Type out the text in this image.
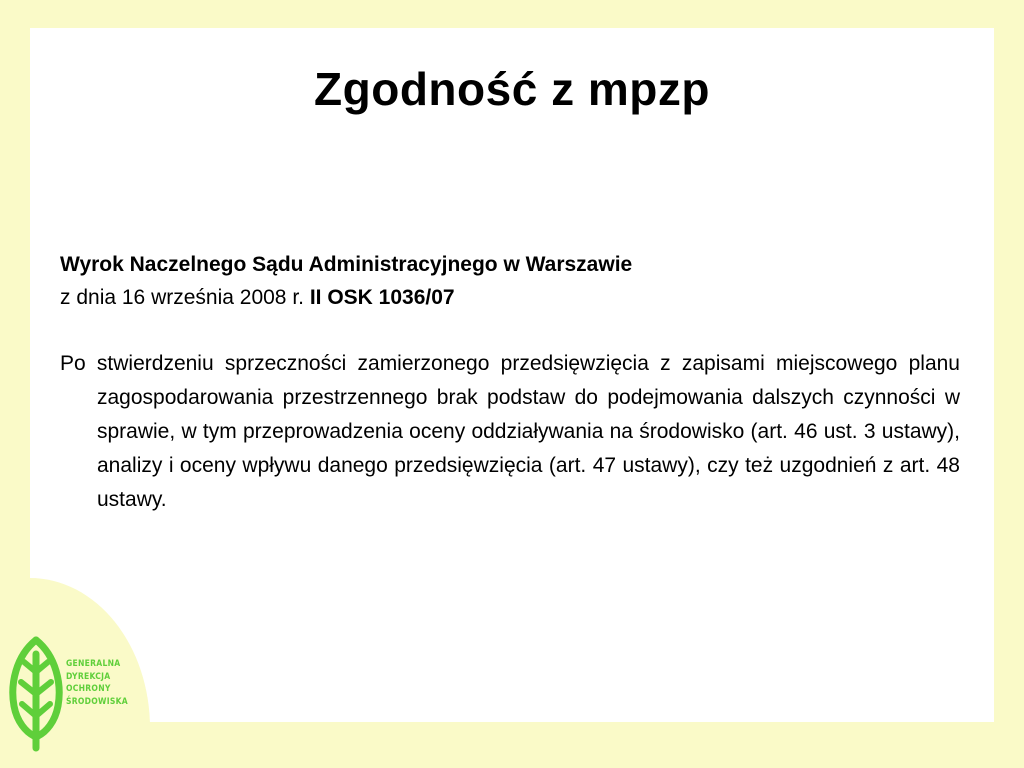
Zgodność z mpzp

Wyrok Naczelnego Sądu Administracyjnego w Warszawie

z dnia 16 września 2008 r. II OSK 1036/07

Po stwierdzeniu sprzeczności zamierzonego przedsięwzięcia z zapisami miejscowego planu zagospodarowania przestrzennego brak podstaw do podejmowania dalszych czynności w sprawie, w tym przeprowadzenia oceny oddziaływania na środowisko (art. 46 ust. 3 ustawy), analizy i oceny wpływu danego przedsięwzięcia (art. 47 ustawy), czy też uzgodnień z art. 48 ustawy.

GENERALNA
DYREKCJA
OCHRONY
ŚRODOWISKA
